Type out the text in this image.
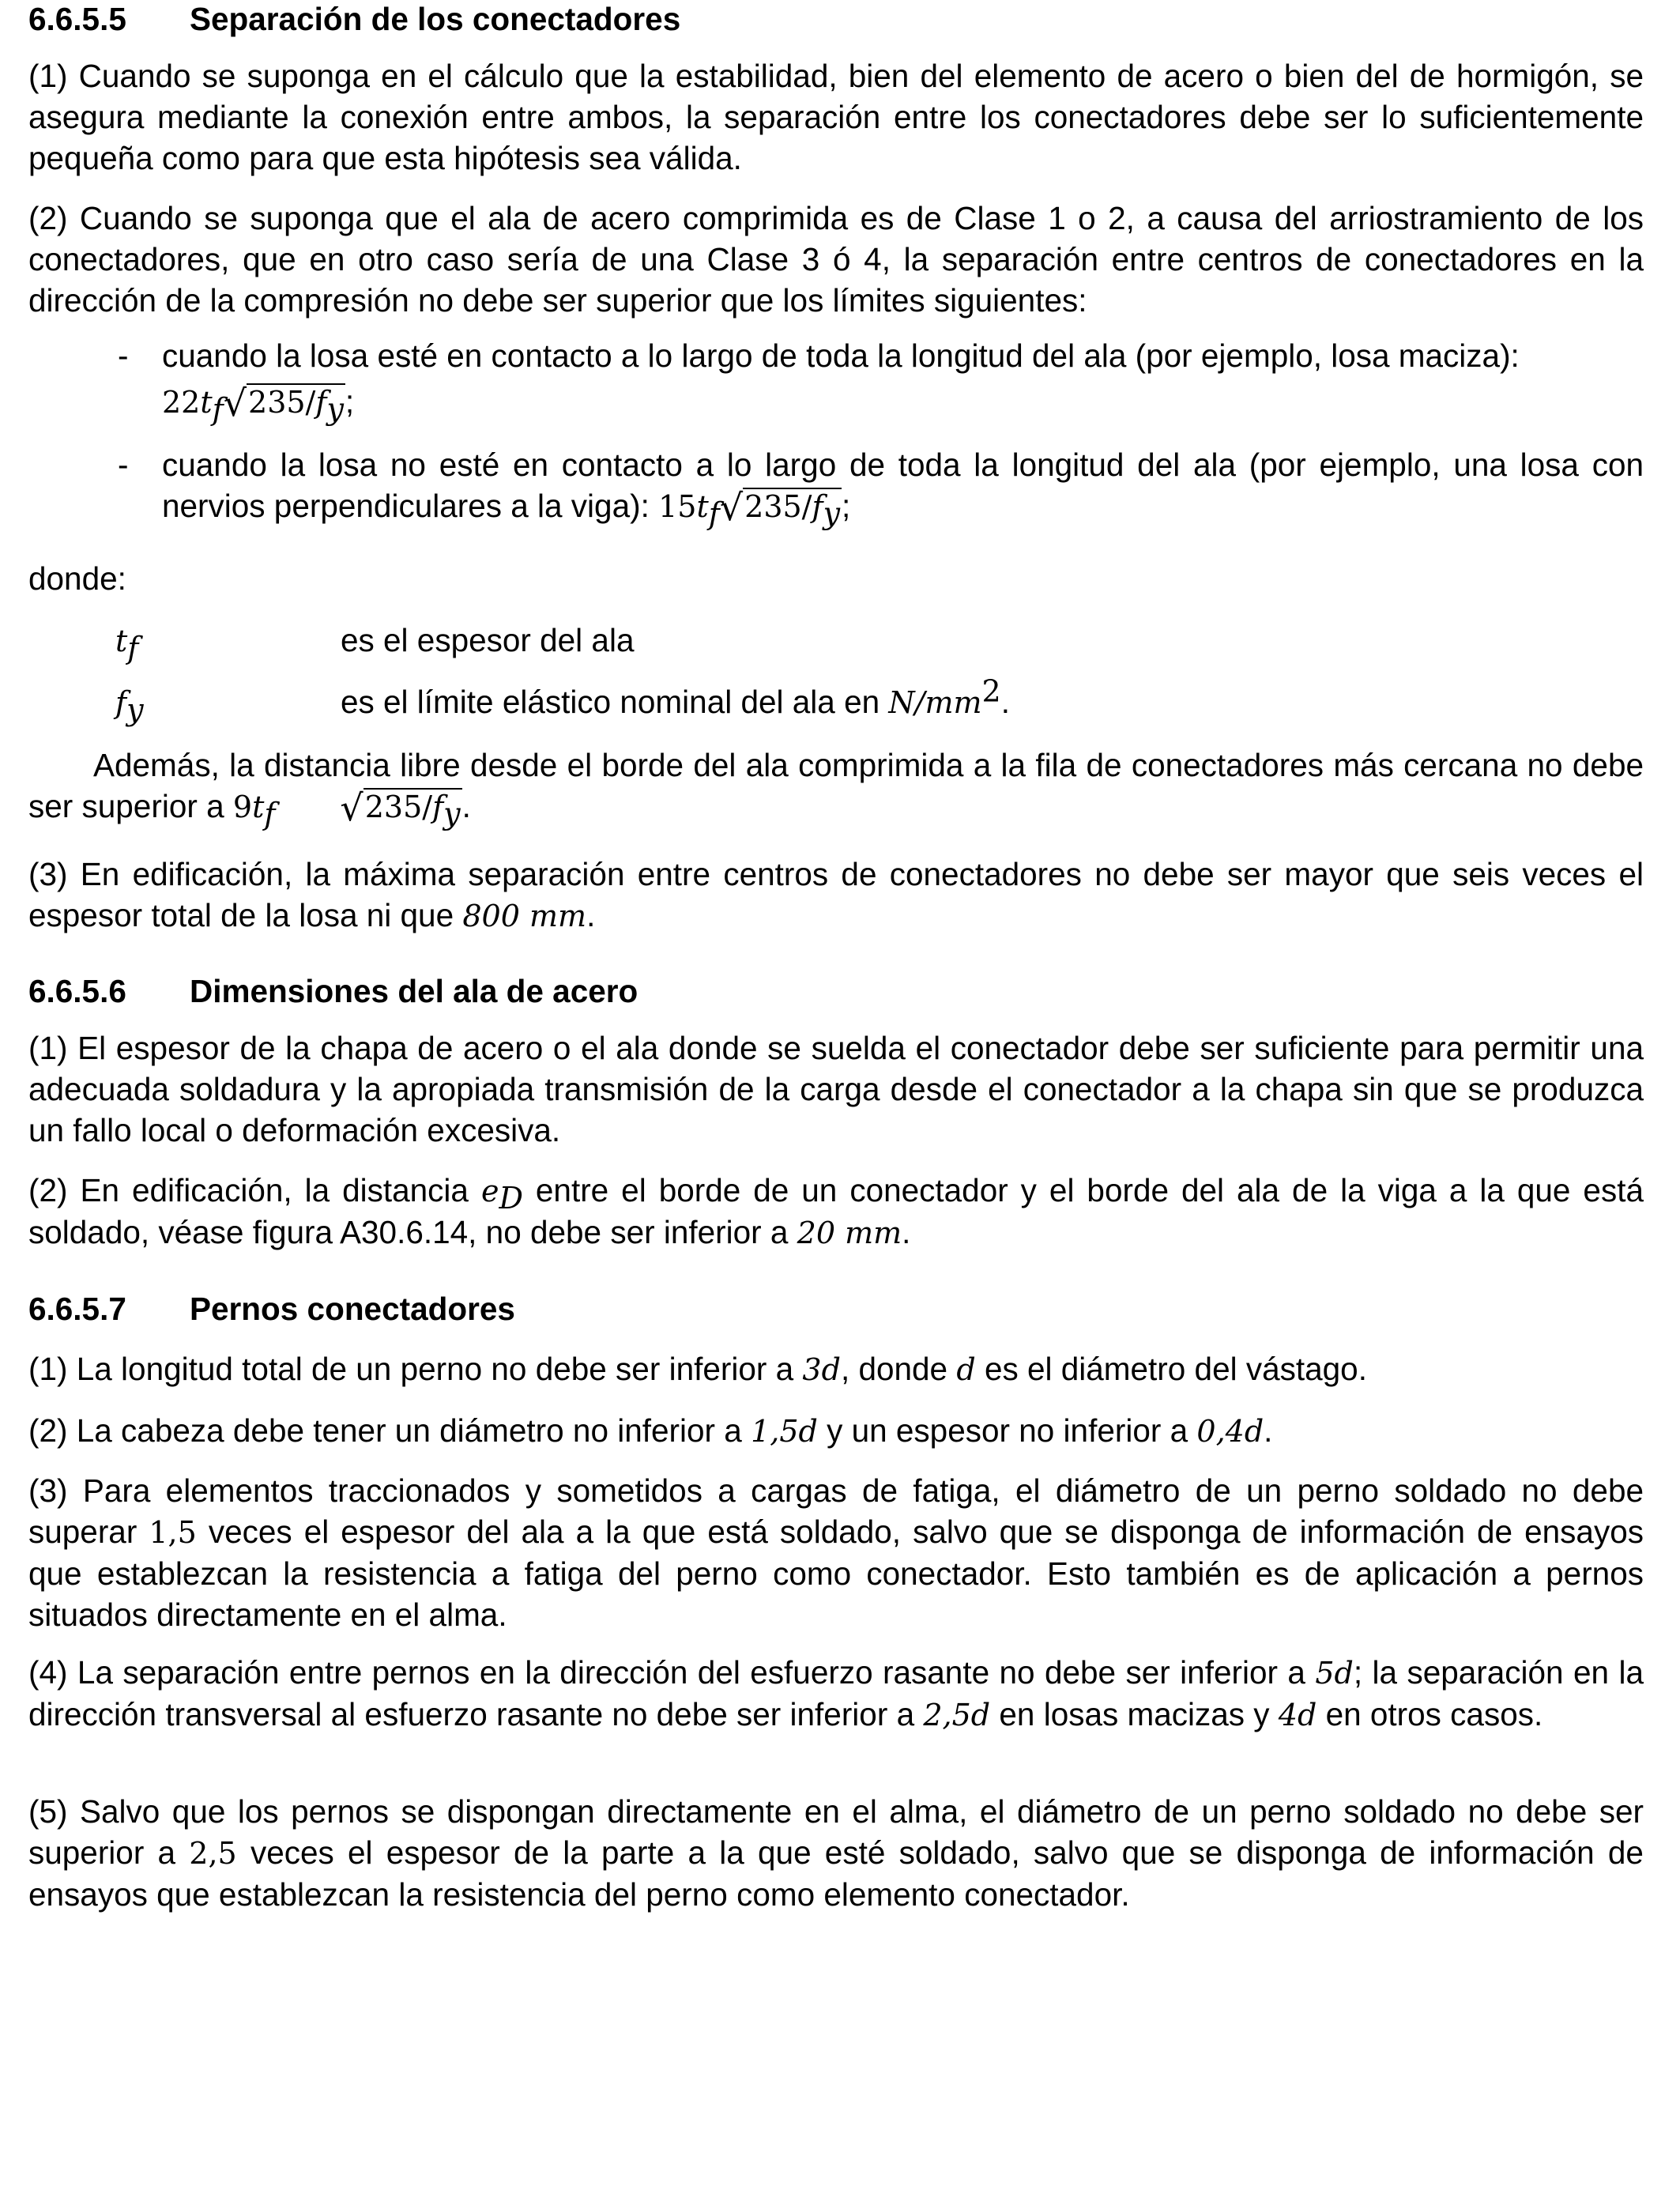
6.6.5.5 Separación de los conectadores

(1) Cuando se suponga en el cálculo que la estabilidad, bien del elemento de acero o bien del de hormigón, se asegura mediante la conexión entre ambos, la separación entre los conectadores debe ser lo suficientemente pequeña como para que esta hipótesis sea válida.

(2) Cuando se suponga que el ala de acero comprimida es de Clase 1 o 2, a causa del arriostramiento de los conectadores, que en otro caso sería de una Clase 3 ó 4, la separación entre centros de conectadores en la dirección de la compresión no debe ser superior que los límites siguientes:

- cuando la losa esté en contacto a lo largo de toda la longitud del ala (por ejemplo, losa maciza):

$22t_f√235/f_y$;
- cuando la losa no esté en contacto a lo largo de toda la longitud del ala (por ejemplo, una losa con nervios perpendiculares a la viga): $15t_f√235/f_y$;

donde:
$t_f$	es el espesor del ala
$f_y$	es el límite elástico nominal del ala en $N/mm^2$.

Además, la distancia libre desde el borde del ala comprimida a la fila de conectadores más cercana no debe ser superior a $9t_f$ $√235/f_y$.

(3) En edificación, la máxima separación entre centros de conectadores no debe ser mayor que seis veces el espesor total de la losa ni que 800 mm.

6.6.5.6 Dimensiones del ala de acero

(1) El espesor de la chapa de acero o el ala donde se suelda el conectador debe ser suficiente para permitir una adecuada soldadura y la apropiada transmisión de la carga desde el conectador a la chapa sin que se produzca un fallo local o deformación excesiva.

(2) En edificación, la distancia $e_D$ entre el borde de un conectador y el borde del ala de la viga a la que está soldado, véase figura A30.6.14, no debe ser inferior a 20 mm.

6.6.5.7 Pernos conectadores

(1) La longitud total de un perno no debe ser inferior a 3d, donde d es el diámetro del vástago.

(2) La cabeza debe tener un diámetro no inferior a 1,5d y un espesor no inferior a 0,4d.

(3) Para elementos traccionados y sometidos a cargas de fatiga, el diámetro de un perno soldado no debe superar 1,5 veces el espesor del ala a la que está soldado, salvo que se disponga de información de ensayos que establezcan la resistencia a fatiga del perno como conectador. Esto también es de aplicación a pernos situados directamente en el alma.

(4) La separación entre pernos en la dirección del esfuerzo rasante no debe ser inferior a 5d; la separación en la dirección transversal al esfuerzo rasante no debe ser inferior a 2,5d en losas macizas y 4d en otros casos.

(5) Salvo que los pernos se dispongan directamente en el alma, el diámetro de un perno soldado no debe ser superior a 2,5 veces el espesor de la parte a la que esté soldado, salvo que se disponga de información de ensayos que establezcan la resistencia del perno como elemento conectador.
